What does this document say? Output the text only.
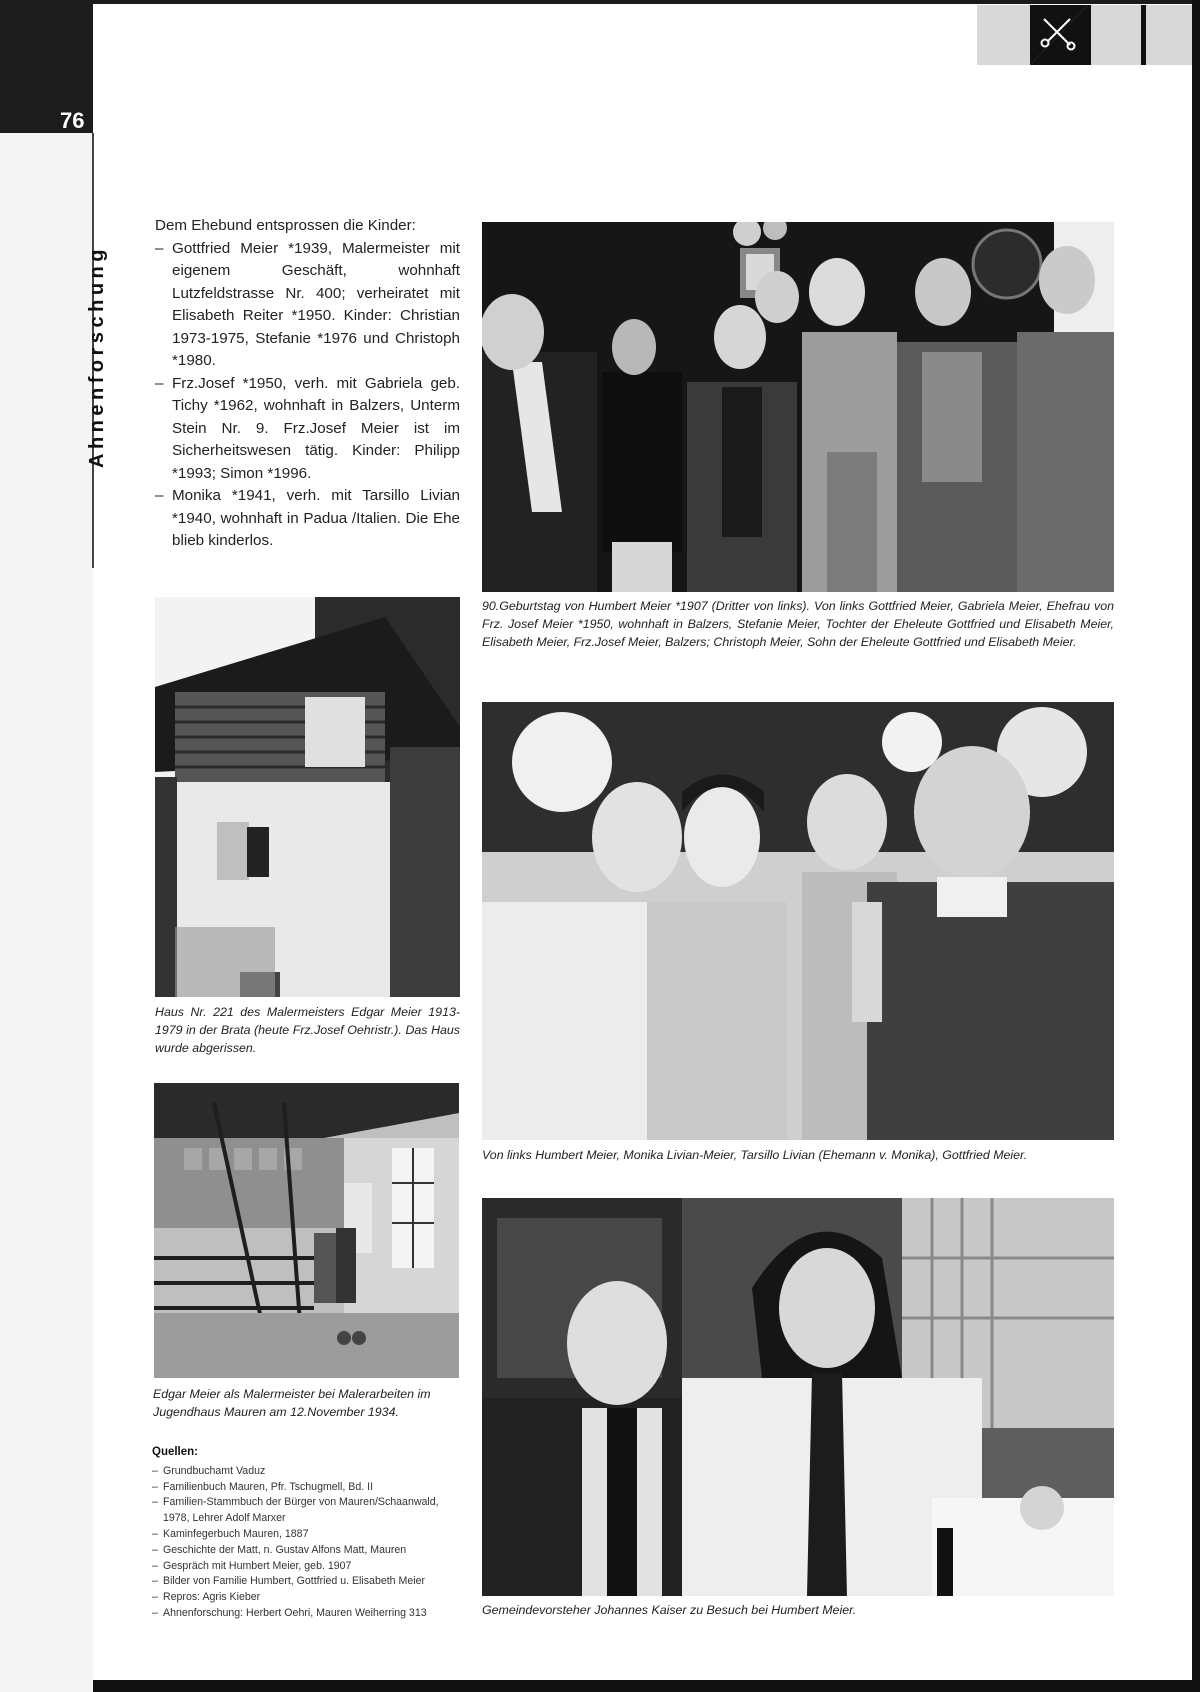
76
Ahnenforschung

Dem Ehebund entsprossen die Kinder:

– Gottfried Meier *1939, Malermeister mit eigenem Geschäft, wohnhaft Lutzfeldstrasse Nr. 400; verheiratet mit Elisabeth Reiter *1950. Kinder: Christian 1973-1975, Stefanie *1976 und Christoph *1980.
– Frz.Josef *1950, verh. mit Gabriela geb. Tichy *1962, wohnhaft in Balzers, Unterm Stein Nr. 9. Frz.Josef Meier ist im Sicherheitswesen tätig. Kinder: Philipp *1993; Simon *1996.
– Monika *1941, verh. mit Tarsillo Livian *1940, wohnhaft in Padua /Italien. Die Ehe blieb kinderlos.
90.Geburtstag von Humbert Meier *1907 (Dritter von links). Von links Gottfried Meier, Gabriela Meier, Ehefrau von Frz. Josef Meier *1950, wohnhaft in Balzers, Stefanie Meier, Tochter der Eheleute Gottfried und Elisabeth Meier, Elisabeth Meier, Frz.Josef Meier, Balzers; Christoph Meier, Sohn der Eheleute Gottfried und Elisabeth Meier.
Haus Nr. 221 des Malermeisters Edgar Meier 1913-1979 in der Brata (heute Frz.Josef Oehristr.). Das Haus wurde abgerissen.
Von links Humbert Meier, Monika Livian-Meier, Tarsillo Livian (Ehemann v. Monika), Gottfried Meier.
Edgar Meier als Malermeister bei Malerarbeiten im Jugendhaus Mauren am 12.November 1934.
Gemeindevorsteher Johannes Kaiser zu Besuch bei Humbert Meier.
Quellen:
– Grundbuchamt Vaduz
– Familienbuch Mauren, Pfr. Tschugmell, Bd. II
– Familien-Stammbuch der Bürger von Mauren/Schaanwald, 1978, Lehrer Adolf Marxer
– Kaminfegerbuch Mauren, 1887
– Geschichte der Matt, n. Gustav Alfons Matt, Mauren
– Gespräch mit Humbert Meier, geb. 1907
– Bilder von Familie Humbert, Gottfried u. Elisabeth Meier
– Repros: Agris Kieber
– Ahnenforschung: Herbert Oehri, Mauren Weiherring 313
